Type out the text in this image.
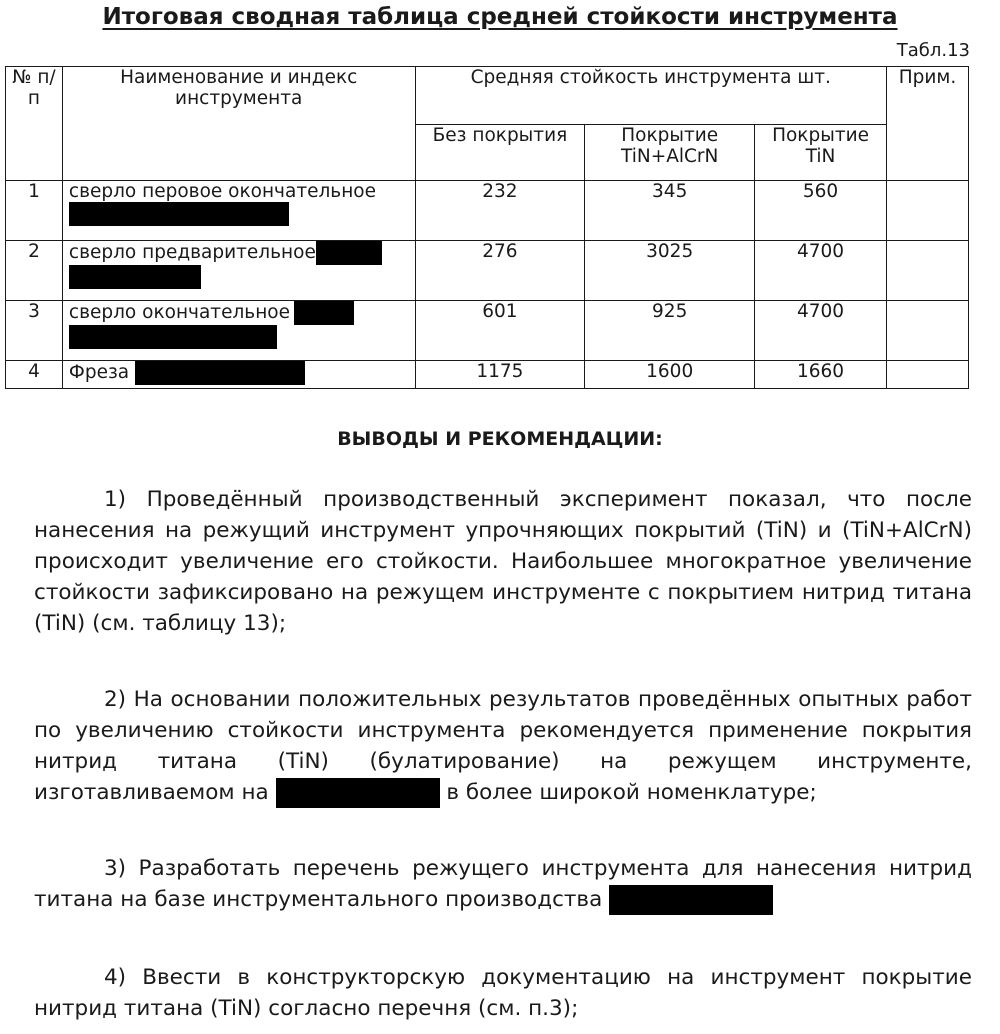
Итоговая сводная таблица средней стойкости инструмента
Табл.13
№ п/п	Наименование и индекс инструмента	Средняя стойкость инструмента шт.			Прим.
		Без покрытия	Покрытие TiN+AlCrN	Покрытие TiN	
1	сверло перовое окончательное	232	345	560	
2	сверло предварительное	276	3025	4700	
3	сверло окончательное	601	925	4700	
4	Фреза	1175	1600	1660	
ВЫВОДЫ И РЕКОМЕНДАЦИИ:
1) Проведённый производственный эксперимент показал, что после нанесения на режущий инструмент упрочняющих покрытий (TiN) и (TiN+AlCrN) происходит увеличение его стойкости. Наибольшее многократное увеличение стойкости зафиксировано на режущем инструменте с покрытием нитрид титана (TiN) (см. таблицу 13);
2) На основании положительных результатов проведённых опытных работ по увеличению стойкости инструмента рекомендуется применение покрытия нитрид титана (TiN) (булатирование) на режущем инструменте, изготавливаемом на	в более широкой номенклатуре;
3) Разработать перечень режущего инструмента для нанесения нитрид титана на базе инструментального производства
4) Ввести в конструкторскую документацию на инструмент покрытие нитрид титана (TiN) согласно перечня (см. п.3);
